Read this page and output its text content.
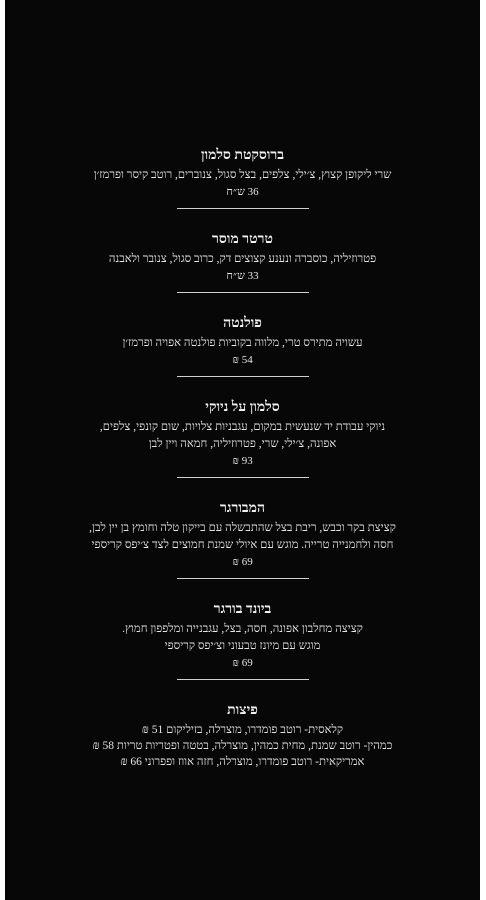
ברוסקטת סלמון
שרי ליקופן קצוץ, צ׳ילי, צלפים, בצל סגול, צנוברים, רוטב קיסר ופרמז׳ן
36 ש״ח
טרטר מוסר
פטרוזיליה, כוסברה ונענע קצוצים דק, כרוב סגול, צנובר ולאבנה
33 ש״ח
פולנטה
עשויה מתירס טרי, מלווה בקוביות פולנטה אפויה ופרמז׳ן
54 ₪
סלמון על ניוקי
ניוקי עבודת יד שנעשית במקום, עגבניות צלויות, שום קונפי, צלפים,
אפונה, צ׳ילי, שרי, פטרוזיליה, חמאה ויין לבן
93 ₪
המבורגר
קציצת בקר וכבש, ריבת בצל שהתבשלה עם בייקון טלה וחומץ בן יין לבן,
חסה ולחמנייה טרייה. מוגש עם איולי שמנת חמוצים לצד צ׳יפס קריספי
69 ₪
ביונד בורגר
קציצה מחלבון אפונה, חסה, בצל, עגבנייה ומלפפון חמוץ.
מוגש עם מיונז טבעוני וצ׳יפס קריספי
69 ₪
פיצות
קלאסית- רוטב פומדרו, מוצרלה, בזיליקום 51 ₪
כמהין- רוטב שמנת, מחית כמהין, מוצרלה, בטטה ופטריות טריות 58 ₪
אמריקאית- רוטב פומדרו, מוצרלה, חזה אווז ופפרוני 66 ₪
